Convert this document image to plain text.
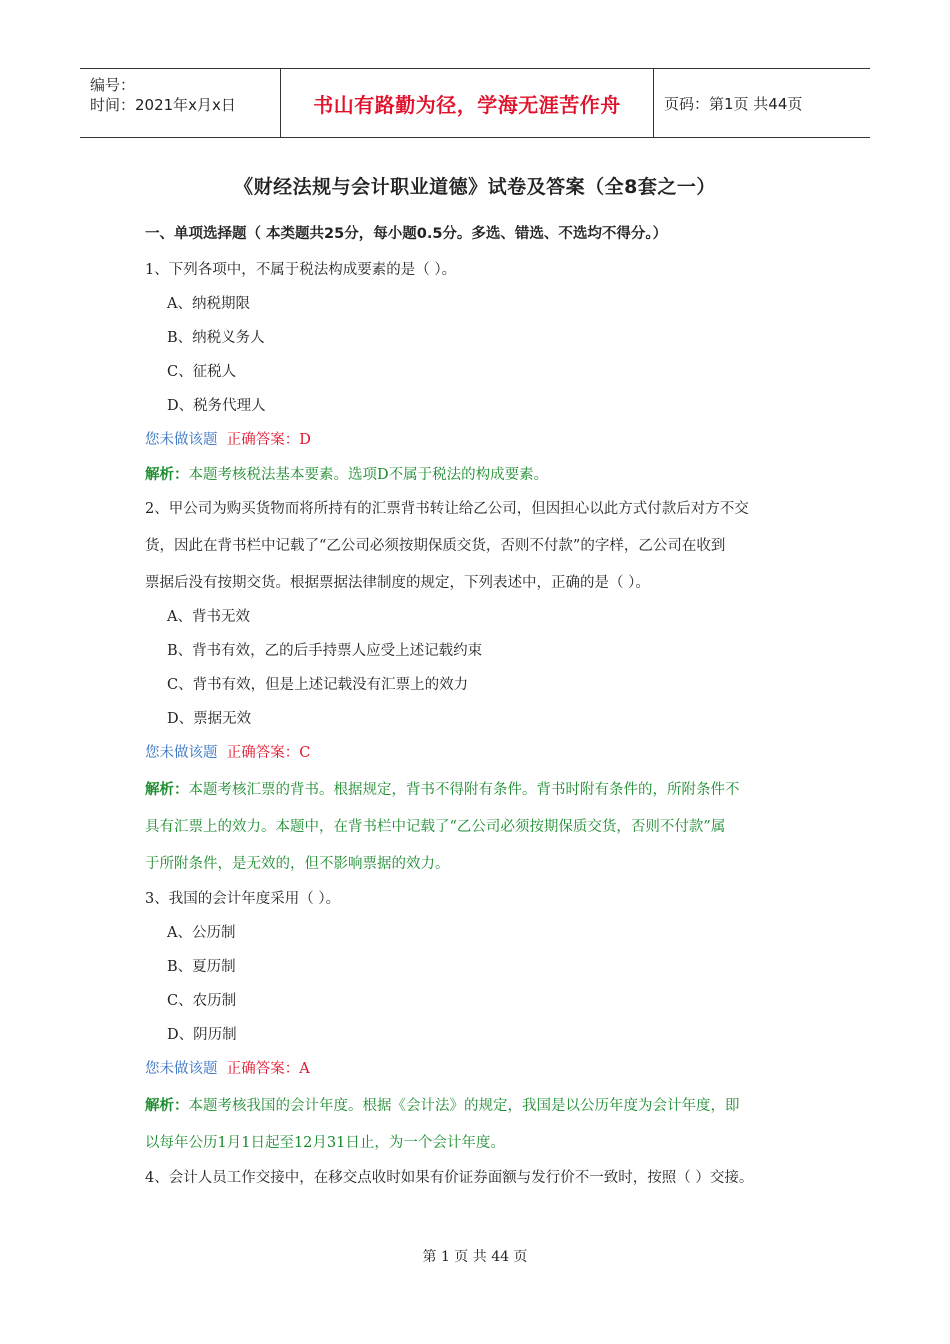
编号：
时间：2021年x月x日	书山有路勤为径，学海无涯苦作舟	页码：第1页 共44页
《财经法规与会计职业道德》试卷及答案（全8套之一）
一、单项选择题（ 本类题共25分，每小题0.5分。多选、错选、不选均不得分。）
1、下列各项中，不属于税法构成要素的是（ ）。
A、纳税期限
B、纳税义务人
C、征税人
D、税务代理人
您未做该题 正确答案：D
解析：本题考核税法基本要素。选项D不属于税法的构成要素。
2、甲公司为购买货物而将所持有的汇票背书转让给乙公司，但因担心以此方式付款后对方不交
货，因此在背书栏中记载了“乙公司必须按期保质交货，否则不付款”的字样，乙公司在收到
票据后没有按期交货。根据票据法律制度的规定，下列表述中，正确的是（ ）。
A、背书无效
B、背书有效，乙的后手持票人应受上述记载约束
C、背书有效，但是上述记载没有汇票上的效力
D、票据无效
您未做该题 正确答案：C
解析：本题考核汇票的背书。根据规定，背书不得附有条件。背书时附有条件的，所附条件不
具有汇票上的效力。本题中，在背书栏中记载了“乙公司必须按期保质交货，否则不付款”属
于所附条件，是无效的，但不影响票据的效力。
3、我国的会计年度采用（ ）。
A、公历制
B、夏历制
C、农历制
D、阴历制
您未做该题 正确答案：A
解析：本题考核我国的会计年度。根据《会计法》的规定，我国是以公历年度为会计年度，即
以每年公历1月1日起至12月31日止，为一个会计年度。
4、会计人员工作交接中，在移交点收时如果有价证券面额与发行价不一致时，按照（ ）交接。
第 1 页 共 44 页
